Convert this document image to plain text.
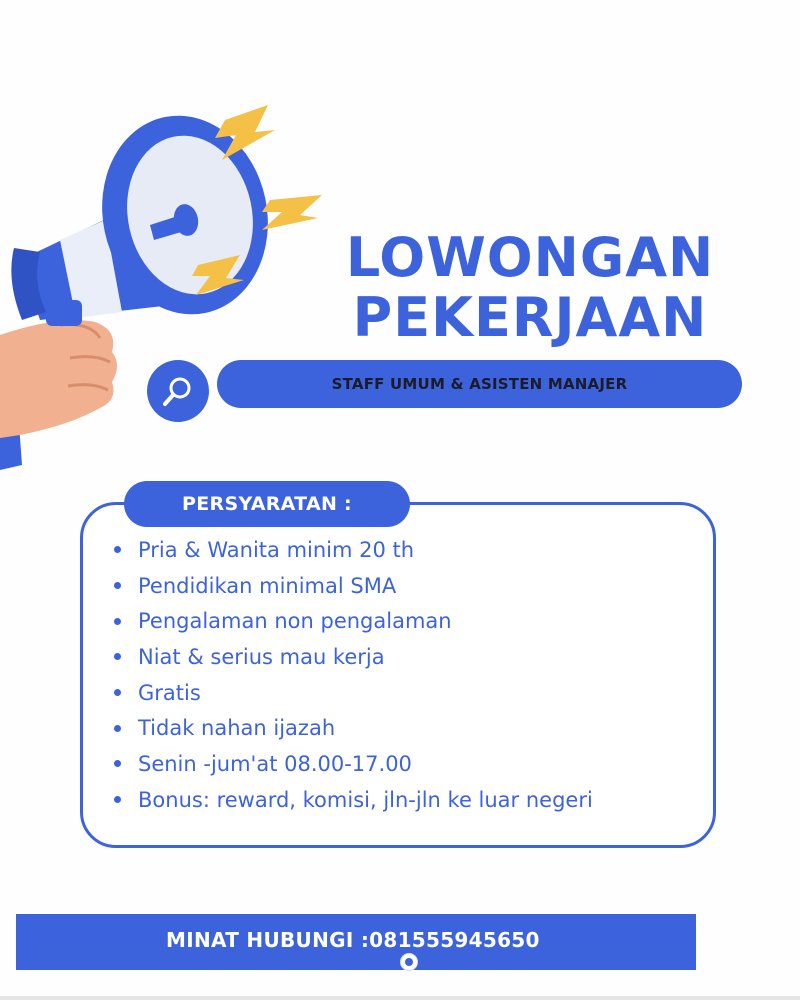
LOWONGAN
PEKERJAAN
STAFF UMUM & ASISTEN MANAJER
PERSYARATAN :
Pria & Wanita minim 20 th
Pendidikan minimal SMA
Pengalaman non pengalaman
Niat & serius mau kerja
Gratis
Tidak nahan ijazah
Senin -jum'at 08.00-17.00
Bonus: reward, komisi, jln-jln ke luar negeri
MINAT HUBUNGI :081555945650
